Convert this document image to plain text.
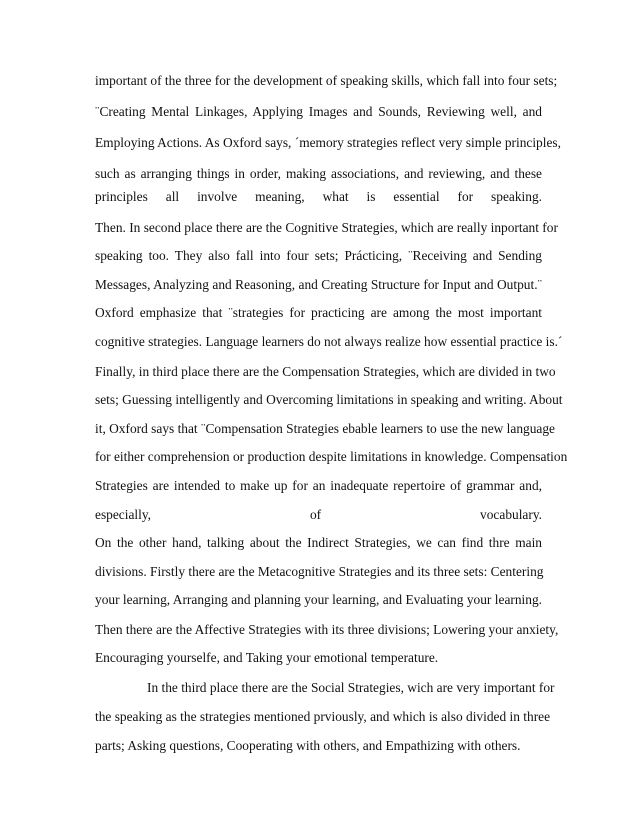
important of the three for the development of speaking skills, which fall into four sets;
¨Creating Mental Linkages, Applying Images and Sounds, Reviewing well, and
Employing Actions. As Oxford says, ´memory strategies reflect very simple principles,
such as arranging things in order, making associations, and reviewing, and these
principles all involve meaning, what is essential for speaking.
Then. In second place there are the Cognitive Strategies, which are really inportant for
speaking too. They also fall into four sets; Prácticing, ¨Receiving and Sending
Messages, Analyzing and Reasoning, and Creating Structure for Input and Output.¨
Oxford emphasize that ¨strategies for practicing are among the most important
cognitive strategies. Language learners do not always realize how essential practice is.´
Finally, in third place there are the Compensation Strategies, which are divided in two
sets; Guessing intelligently and Overcoming limitations in speaking and writing. About
it, Oxford says that ¨Compensation Strategies ebable learners to use the new language
for either comprehension or production despite limitations in knowledge. Compensation
Strategies are intended to make up for an inadequate repertoire of grammar and,
especially, of vocabulary.
On the other hand, talking about the Indirect Strategies, we can find thre main
divisions. Firstly there are the Metacognitive Strategies and its three sets: Centering
your learning, Arranging and planning your learning, and Evaluating your learning.
Then there are the Affective Strategies with its three divisions; Lowering your anxiety,
Encouraging yourselfe, and Taking your emotional temperature.
In the third place there are the Social Strategies, wich are very important for
the speaking as the strategies mentioned prviously, and which is also divided in three
parts; Asking questions, Cooperating with others, and Empathizing with others.
